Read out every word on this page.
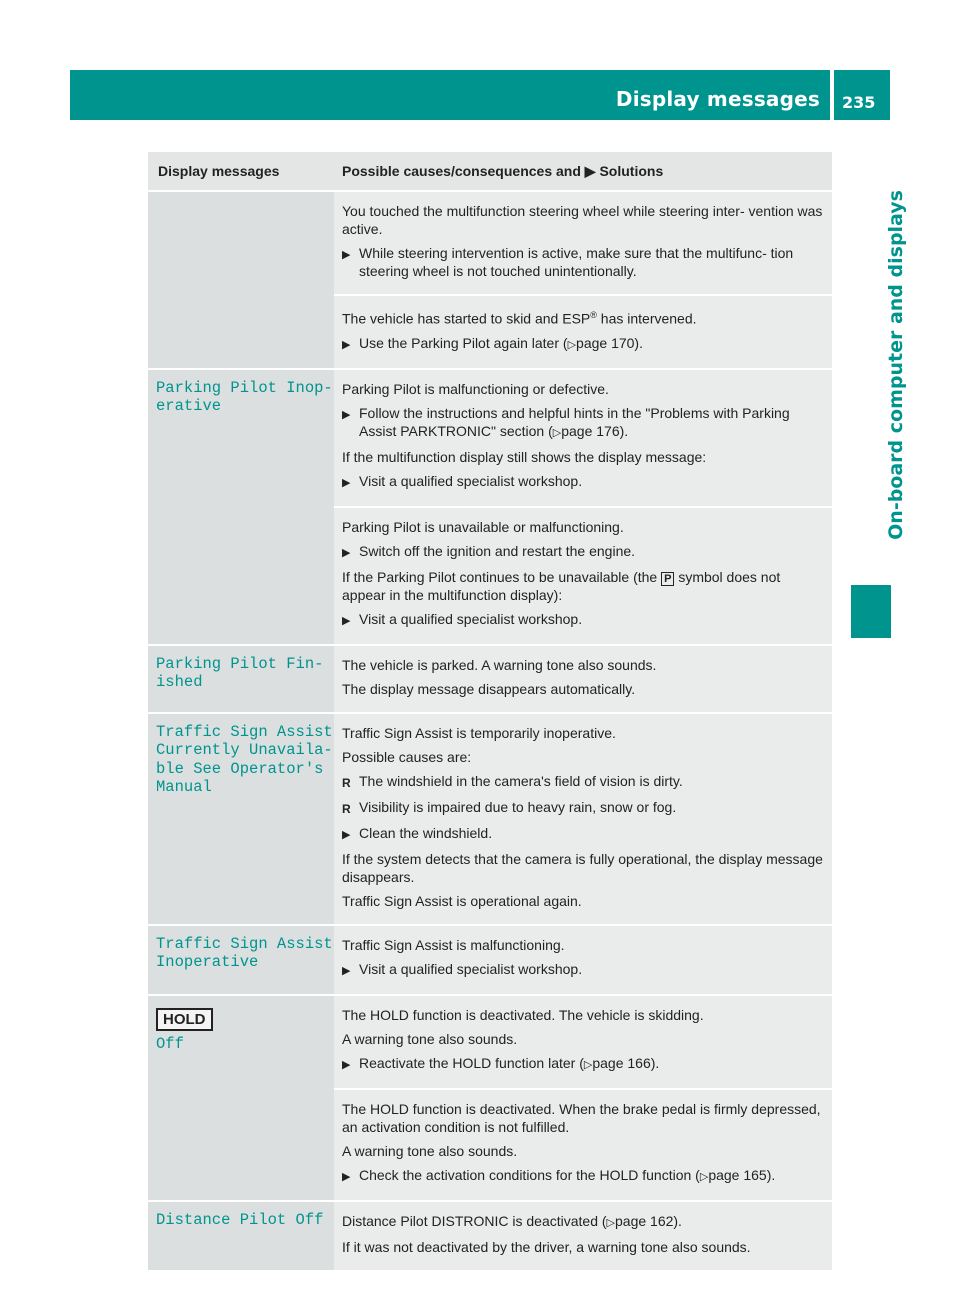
Display messages 235
On-board computer and displays
Display messages	Possible causes/consequences and ▶ Solutions

You touched the multifunction steering wheel while steering inter- vention was active.

▶ While steering intervention is active, make sure that the multifunc- tion steering wheel is not touched unintentionally.

The vehicle has started to skid and ESP® has intervened.

▶ Use the Parking Pilot again later (▷page 170).
Parking Pilot Inop‐
erative

Parking Pilot is malfunctioning or defective.

▶ Follow the instructions and helpful hints in the "Problems with Parking Assist PARKTRONIC" section (▷page 176).

If the multifunction display still shows the display message:

▶ Visit a qualified specialist workshop.

Parking Pilot is unavailable or malfunctioning.

▶ Switch off the ignition and restart the engine.

If the Parking Pilot continues to be unavailable (the P symbol does not appear in the multifunction display):

▶ Visit a qualified specialist workshop.
Parking Pilot Fin‐
ished

The vehicle is parked. A warning tone also sounds.

The display message disappears automatically.

Traffic Sign Assist
Currently Unavaila‐
ble See Operator's
Manual

Traffic Sign Assist is temporarily inoperative.

Possible causes are:

R The windshield in the camera's field of vision is dirty.
R Visibility is impaired due to heavy rain, snow or fog.
▶ Clean the windshield.

If the system detects that the camera is fully operational, the display message disappears.

Traffic Sign Assist is operational again.

Traffic Sign Assist
Inoperative

Traffic Sign Assist is malfunctioning.

▶ Visit a qualified specialist workshop.
HOLD
Off

The HOLD function is deactivated. The vehicle is skidding.

A warning tone also sounds.

▶ Reactivate the HOLD function later (▷page 166).

The HOLD function is deactivated. When the brake pedal is firmly depressed, an activation condition is not fulfilled.

A warning tone also sounds.

▶ Check the activation conditions for the HOLD function (▷page 165).
Distance Pilot Off Distance Pilot DISTRONIC is deactivated (▷page 162).

If it was not deactivated by the driver, a warning tone also sounds.
